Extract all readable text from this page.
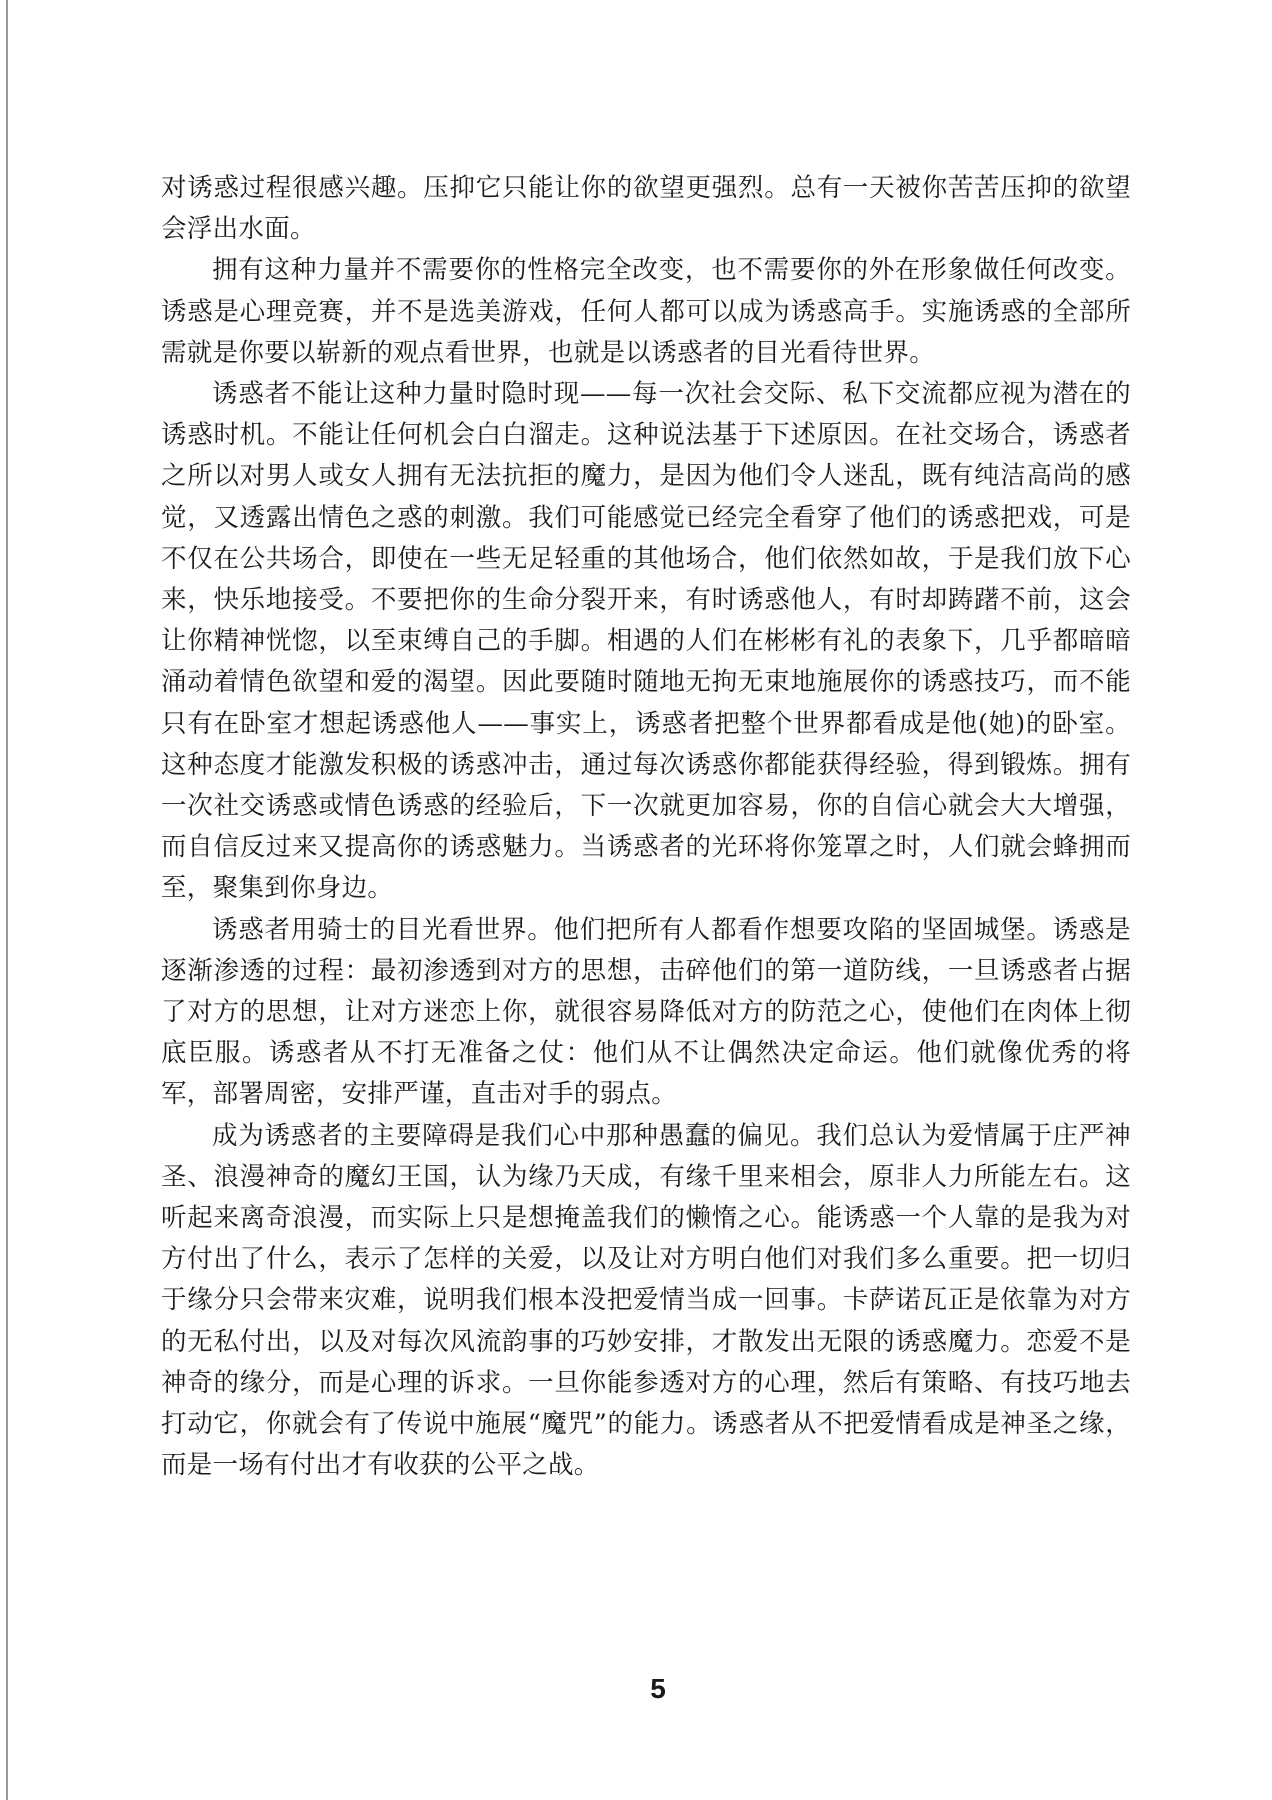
对诱惑过程很感兴趣。压抑它只能让你的欲望更强烈。总有一天被你苦苦压抑的欲望会浮出水面。

拥有这种力量并不需要你的性格完全改变，也不需要你的外在形象做任何改变。诱惑是心理竞赛，并不是选美游戏，任何人都可以成为诱惑高手。实施诱惑的全部所需就是你要以崭新的观点看世界，也就是以诱惑者的目光看待世界。

诱惑者不能让这种力量时隐时现——每一次社会交际、私下交流都应视为潜在的诱惑时机。不能让任何机会白白溜走。这种说法基于下述原因。在社交场合，诱惑者之所以对男人或女人拥有无法抗拒的魔力，是因为他们令人迷乱，既有纯洁高尚的感觉，又透露出情色之惑的刺激。我们可能感觉已经完全看穿了他们的诱惑把戏，可是不仅在公共场合，即使在一些无足轻重的其他场合，他们依然如故，于是我们放下心来，快乐地接受。不要把你的生命分裂开来，有时诱惑他人，有时却踌躇不前，这会让你精神恍惚，以至束缚自己的手脚。相遇的人们在彬彬有礼的表象下，几乎都暗暗涌动着情色欲望和爱的渴望。因此要随时随地无拘无束地施展你的诱惑技巧，而不能只有在卧室才想起诱惑他人——事实上，诱惑者把整个世界都看成是他(她)的卧室。这种态度才能激发积极的诱惑冲击，通过每次诱惑你都能获得经验，得到锻炼。拥有一次社交诱惑或情色诱惑的经验后，下一次就更加容易，你的自信心就会大大增强，而自信反过来又提高你的诱惑魅力。当诱惑者的光环将你笼罩之时，人们就会蜂拥而至，聚集到你身边。

诱惑者用骑士的目光看世界。他们把所有人都看作想要攻陷的坚固城堡。诱惑是逐渐渗透的过程：最初渗透到对方的思想，击碎他们的第一道防线，一旦诱惑者占据了对方的思想，让对方迷恋上你，就很容易降低对方的防范之心，使他们在肉体上彻底臣服。诱惑者从不打无准备之仗：他们从不让偶然决定命运。他们就像优秀的将军，部署周密，安排严谨，直击对手的弱点。

成为诱惑者的主要障碍是我们心中那种愚蠢的偏见。我们总认为爱情属于庄严神圣、浪漫神奇的魔幻王国，认为缘乃天成，有缘千里来相会，原非人力所能左右。这听起来离奇浪漫，而实际上只是想掩盖我们的懒惰之心。能诱惑一个人靠的是我为对方付出了什么，表示了怎样的关爱，以及让对方明白他们对我们多么重要。把一切归于缘分只会带来灾难，说明我们根本没把爱情当成一回事。卡萨诺瓦正是依靠为对方的无私付出，以及对每次风流韵事的巧妙安排，才散发出无限的诱惑魔力。恋爱不是神奇的缘分，而是心理的诉求。一旦你能参透对方的心理，然后有策略、有技巧地去打动它，你就会有了传说中施展“魔咒”的能力。诱惑者从不把爱情看成是神圣之缘，而是一场有付出才有收获的公平之战。

5
